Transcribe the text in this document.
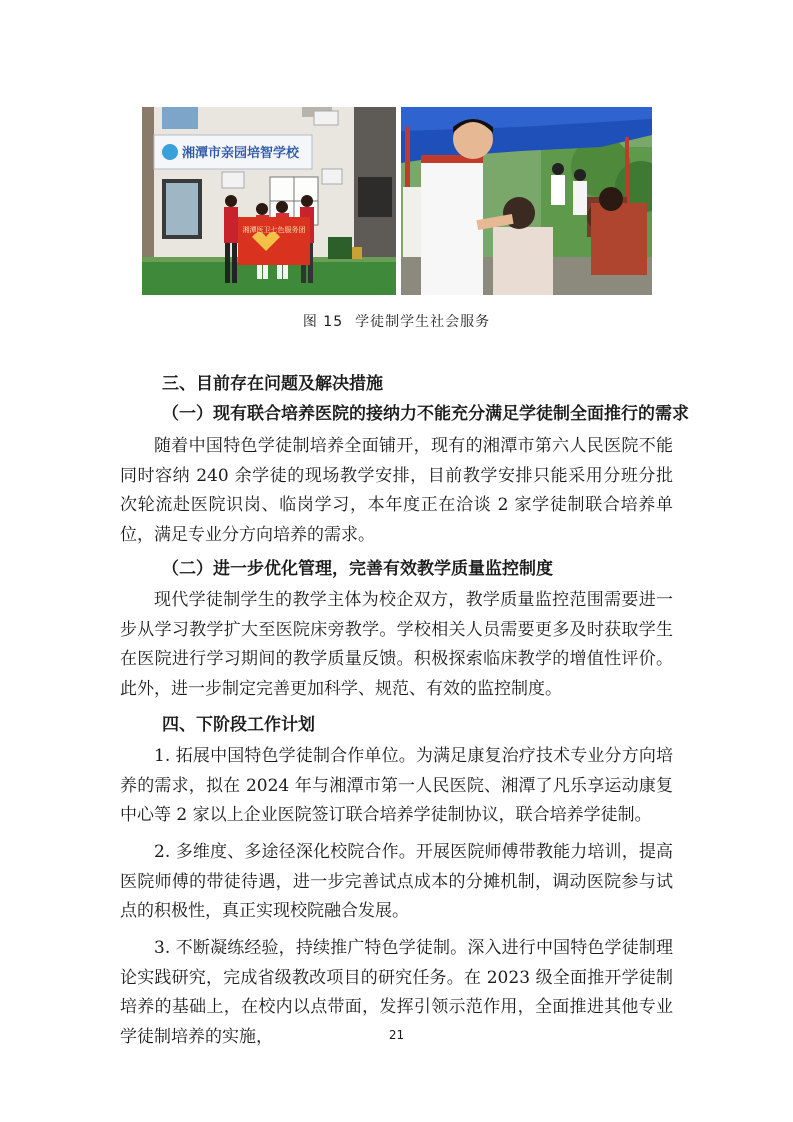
湘潭市亲园培智学校
湘潭医卫七色服务团
图 15 学徒制学生社会服务

三、目前存在问题及解决措施

（一）现有联合培养医院的接纳力不能充分满足学徒制全面推行的需求

随着中国特色学徒制培养全面铺开，现有的湘潭市第六人民医院不能同时容纳 240 余学徒的现场教学安排，目前教学安排只能采用分班分批次轮流赴医院识岗、临岗学习，本年度正在洽谈 2 家学徒制联合培养单位，满足专业分方向培养的需求。

（二）进一步优化管理，完善有效教学质量监控制度

现代学徒制学生的教学主体为校企双方，教学质量监控范围需要进一步从学习教学扩大至医院床旁教学。学校相关人员需要更多及时获取学生在医院进行学习期间的教学质量反馈。积极探索临床教学的增值性评价。此外，进一步制定完善更加科学、规范、有效的监控制度。

四、下阶段工作计划

1. 拓展中国特色学徒制合作单位。为满足康复治疗技术专业分方向培养的需求，拟在 2024 年与湘潭市第一人民医院、湘潭了凡乐享运动康复中心等 2 家以上企业医院签订联合培养学徒制协议，联合培养学徒制。

2. 多维度、多途径深化校院合作。开展医院师傅带教能力培训，提高医院师傅的带徒待遇，进一步完善试点成本的分摊机制，调动医院参与试点的积极性，真正实现校院融合发展。

3. 不断凝练经验，持续推广特色学徒制。深入进行中国特色学徒制理论实践研究，完成省级教改项目的研究任务。在 2023 级全面推开学徒制培养的基础上，在校内以点带面，发挥引领示范作用，全面推进其他专业学徒制培养的实施，	21
